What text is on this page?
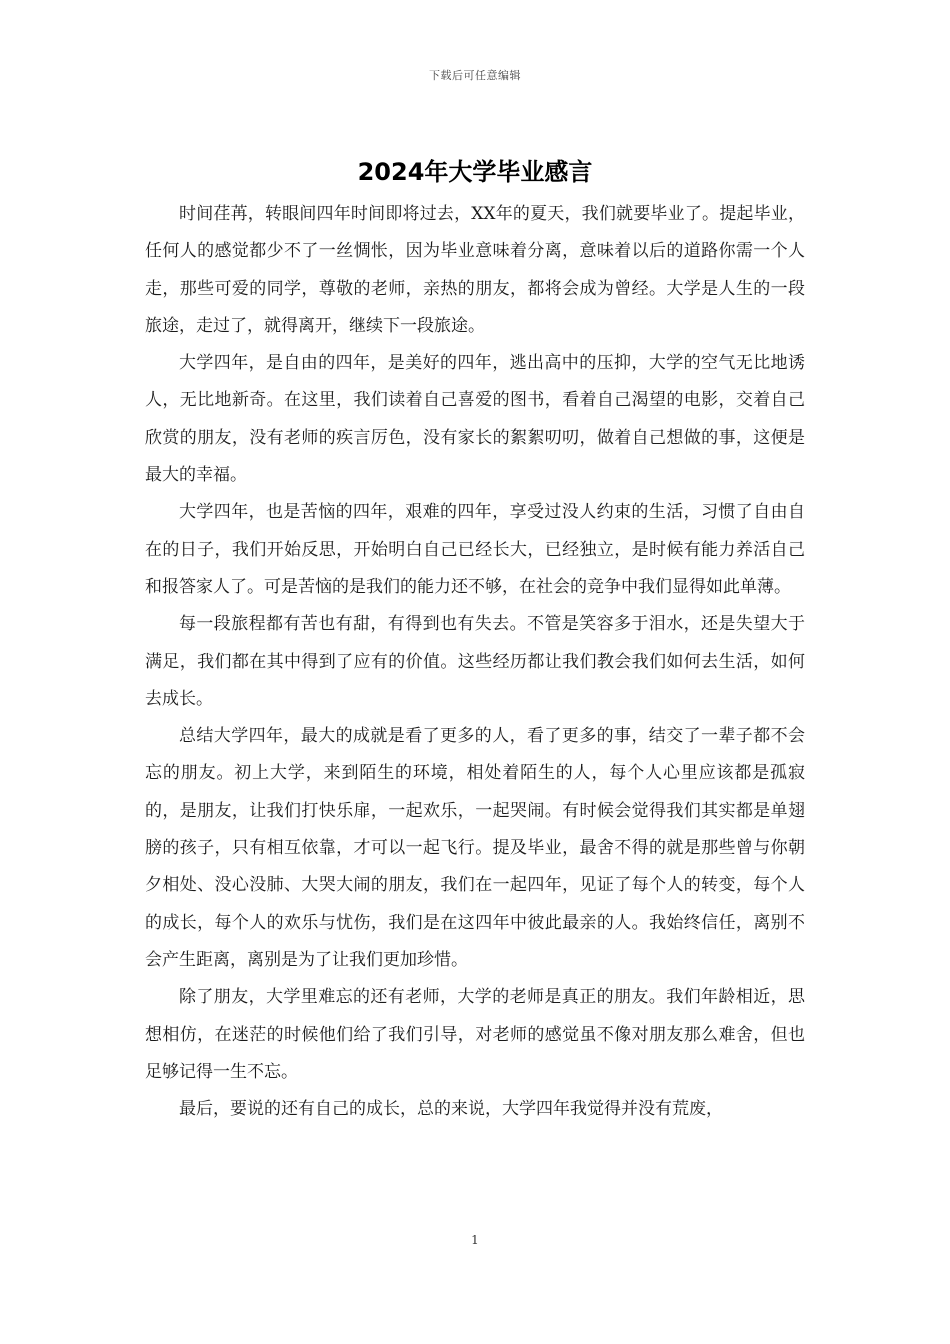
下载后可任意编辑
2024年大学毕业感言

时间荏苒，转眼间四年时间即将过去，XX年的夏天，我们就要毕业了。提起毕业，任何人的感觉都少不了一丝惆怅，因为毕业意味着分离，意味着以后的道路你需一个人走，那些可爱的同学，尊敬的老师，亲热的朋友，都将会成为曾经。大学是人生的一段旅途，走过了，就得离开，继续下一段旅途。

大学四年，是自由的四年，是美好的四年，逃出高中的压抑，大学的空气无比地诱人，无比地新奇。在这里，我们读着自己喜爱的图书，看着自己渴望的电影，交着自己欣赏的朋友，没有老师的疾言厉色，没有家长的絮絮叨叨，做着自己想做的事，这便是最大的幸福。

大学四年，也是苦恼的四年，艰难的四年，享受过没人约束的生活，习惯了自由自在的日子，我们开始反思，开始明白自己已经长大，已经独立，是时候有能力养活自己和报答家人了。可是苦恼的是我们的能力还不够，在社会的竞争中我们显得如此单薄。

每一段旅程都有苦也有甜，有得到也有失去。不管是笑容多于泪水，还是失望大于满足，我们都在其中得到了应有的价值。这些经历都让我们教会我们如何去生活，如何去成长。

总结大学四年，最大的成就是看了更多的人，看了更多的事，结交了一辈子都不会忘的朋友。初上大学，来到陌生的环境，相处着陌生的人，每个人心里应该都是孤寂的，是朋友，让我们打快乐扉，一起欢乐，一起哭闹。有时候会觉得我们其实都是单翅膀的孩子，只有相互依靠，才可以一起飞行。提及毕业，最舍不得的就是那些曾与你朝夕相处、没心没肺、大哭大闹的朋友，我们在一起四年，见证了每个人的转变，每个人的成长，每个人的欢乐与忧伤，我们是在这四年中彼此最亲的人。我始终信任，离别不会产生距离，离别是为了让我们更加珍惜。

除了朋友，大学里难忘的还有老师，大学的老师是真正的朋友。我们年龄相近，思想相仿，在迷茫的时候他们给了我们引导，对老师的感觉虽不像对朋友那么难舍，但也足够记得一生不忘。

最后，要说的还有自己的成长，总的来说，大学四年我觉得并没有荒废，

1
